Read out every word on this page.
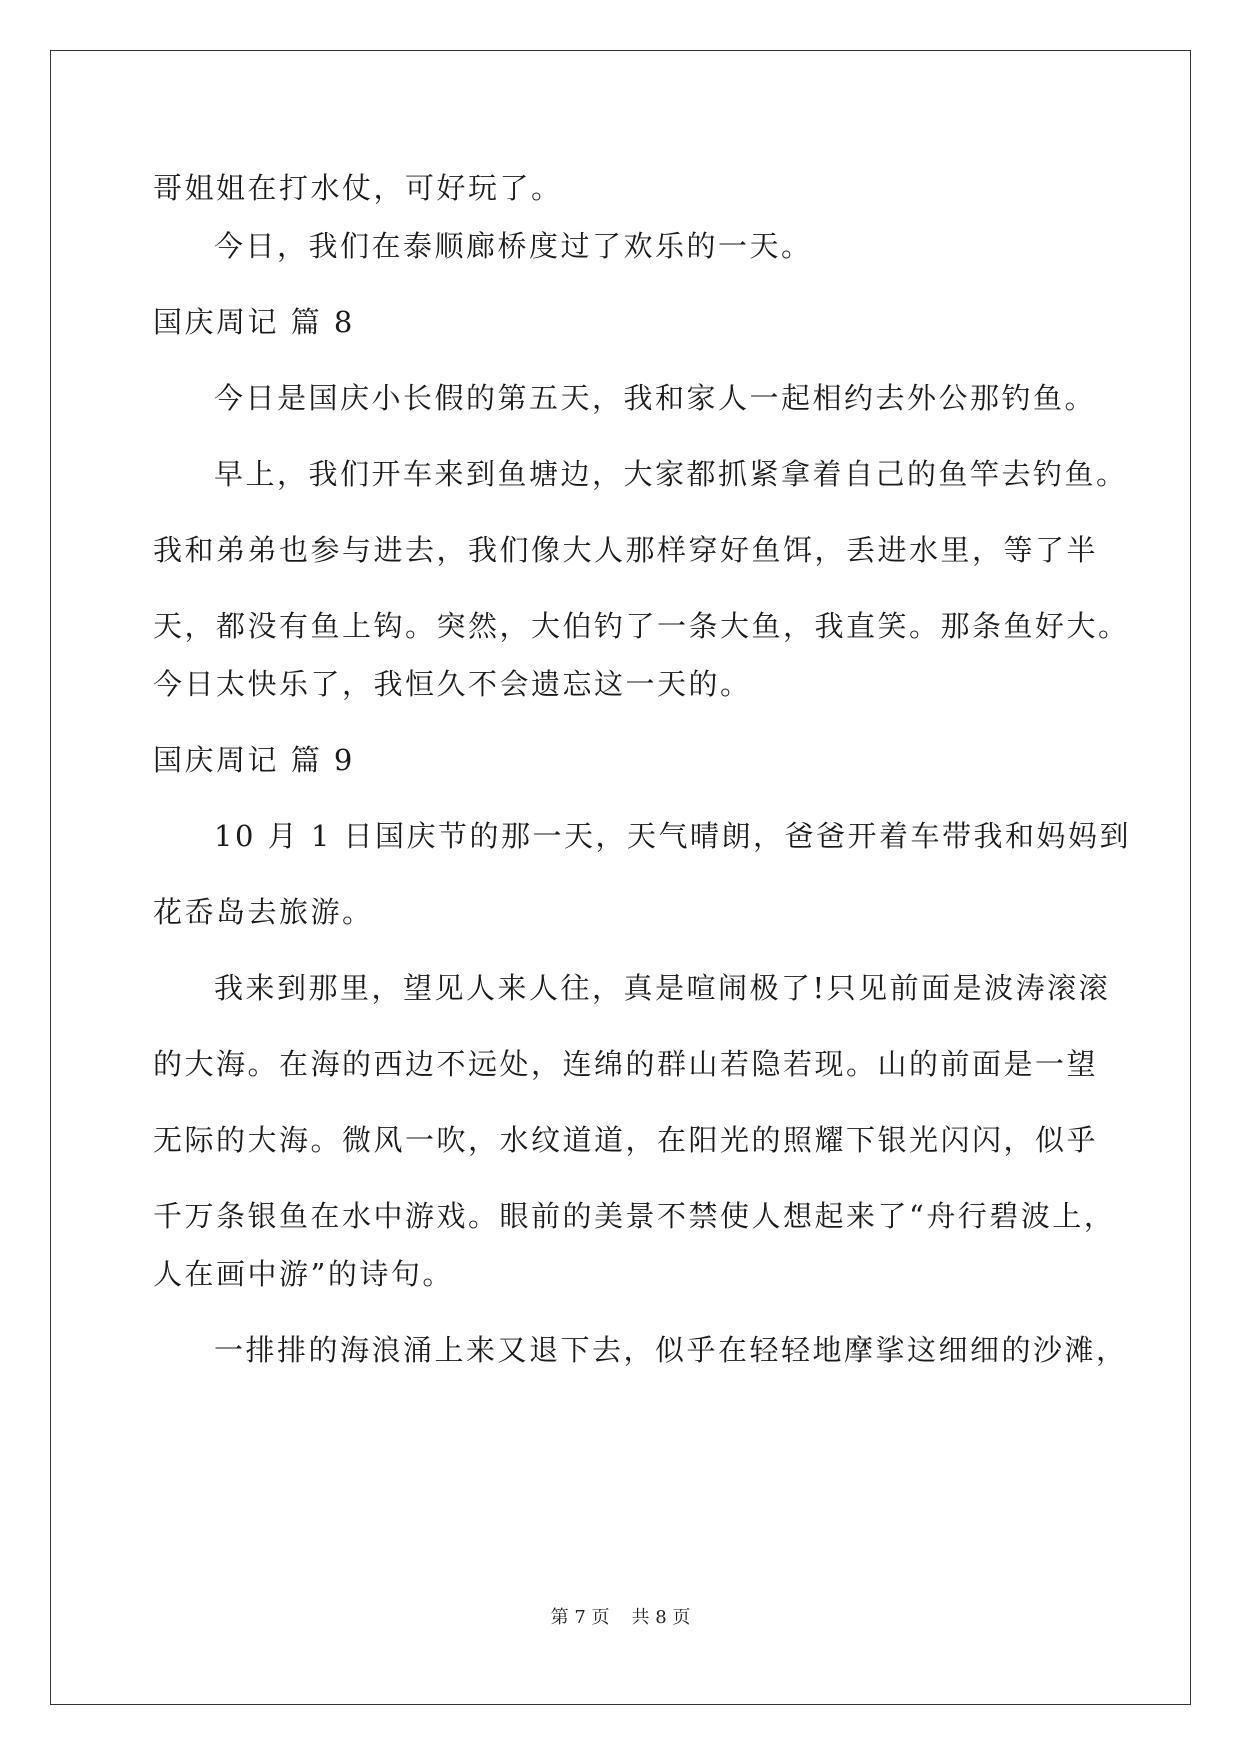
哥姐姐在打水仗，可好玩了。
今日，我们在泰顺廊桥度过了欢乐的一天。
国庆周记 篇 8
今日是国庆小长假的第五天，我和家人一起相约去外公那钓鱼。
早上，我们开车来到鱼塘边，大家都抓紧拿着自己的鱼竿去钓鱼。
我和弟弟也参与进去，我们像大人那样穿好鱼饵，丢进水里，等了半
天，都没有鱼上钩。突然，大伯钓了一条大鱼，我直笑。那条鱼好大。
今日太快乐了，我恒久不会遗忘这一天的。
国庆周记 篇 9
10 月 1 日国庆节的那一天，天气晴朗，爸爸开着车带我和妈妈到
花岙岛去旅游。
我来到那里，望见人来人往，真是喧闹极了!只见前面是波涛滚滚
的大海。在海的西边不远处，连绵的群山若隐若现。山的前面是一望
无际的大海。微风一吹，水纹道道，在阳光的照耀下银光闪闪，似乎
千万条银鱼在水中游戏。眼前的美景不禁使人想起来了“舟行碧波上，
人在画中游”的诗句。
一排排的海浪涌上来又退下去，似乎在轻轻地摩挲这细细的沙滩，
第 7 页 共 8 页
